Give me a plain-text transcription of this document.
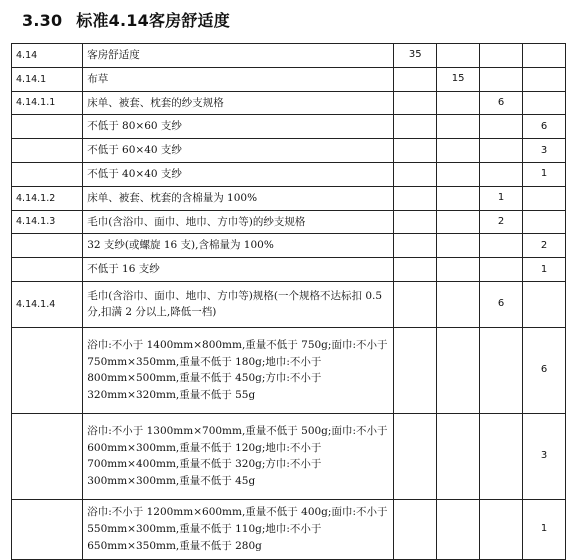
3.30 标准4.14客房舒适度
4.14	客房舒适度	35			
4.14.1	布草		15		
4.14.1.1	床单、被套、枕套的纱支规格			6	
	不低于 80×60 支纱				6
	不低于 60×40 支纱				3
	不低于 40×40 支纱				1
4.14.1.2	床单、被套、枕套的含棉量为 100%			1	
4.14.1.3	毛巾(含浴巾、面巾、地巾、方巾等)的纱支规格			2	
	32 支纱(或螺旋 16 支),含棉量为 100%				2
	不低于 16 支纱				1
4.14.1.4	毛巾(含浴巾、面巾、地巾、方巾等)规格(一个规格不达标扣 0.5 分,扣满 2 分以上,降低一档)			6	
	浴巾:不小于 1400mm×800mm,重量不低于 750g;面巾:不小于 750mm×350mm,重量不低于 180g;地巾:不小于 800mm×500mm,重量不低于 450g;方巾:不小于 320mm×320mm,重量不低于 55g				6
	浴巾:不小于 1300mm×700mm,重量不低于 500g;面巾:不小于 600mm×300mm,重量不低于 120g;地巾:不小于 700mm×400mm,重量不低于 320g;方巾:不小于 300mm×300mm,重量不低于 45g				3
	浴巾:不小于 1200mm×600mm,重量不低于 400g;面巾:不小于 550mm×300mm,重量不低于 110g;地巾:不小于 650mm×350mm,重量不低于 280g				1
